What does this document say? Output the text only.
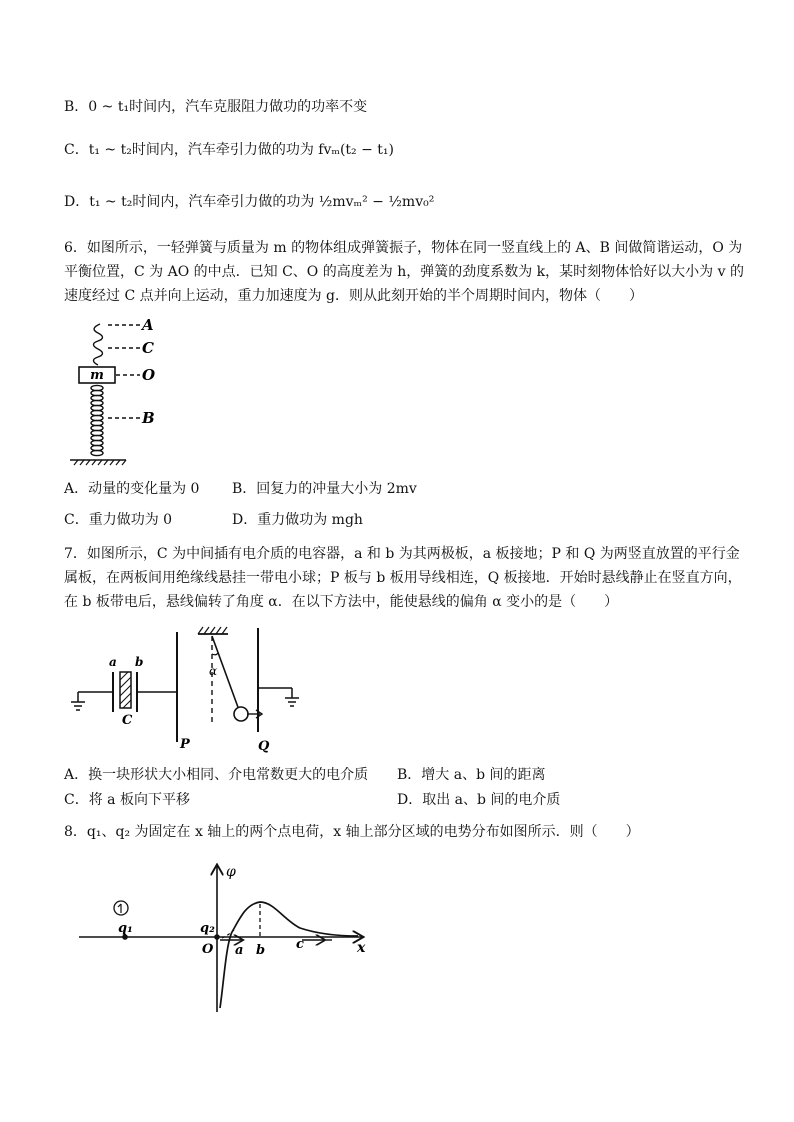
B．0 ~ t₁时间内，汽车克服阻力做功的功率不变
C．t₁ ~ t₂时间内，汽车牵引力做的功为 fvₘ(t₂ − t₁)
D．t₁ ~ t₂时间内，汽车牵引力做的功为 ½mvₘ² − ½mv₀²
6．如图所示，一轻弹簧与质量为 m 的物体组成弹簧振子，物体在同一竖直线上的 A、B 间做简谐运动，O 为平衡位置，C 为 AO 的中点．已知 C、O 的高度差为 h，弹簧的劲度系数为 k，某时刻物体恰好以大小为 v 的速度经过 C 点并向上运动，重力加速度为 g．则从此刻开始的半个周期时间内，物体（　　）
m
A
C
O
B
A．动量的变化量为 0 B．回复力的冲量大小为 2mv
C．重力做功为 0	D．重力做功为 mgh
7．如图所示，C 为中间插有电介质的电容器，a 和 b 为其两极板，a 板接地；P 和 Q 为两竖直放置的平行金属板，在两板间用绝缘线悬挂一带电小球；P 板与 b 板用导线相连，Q 板接地．开始时悬线静止在竖直方向，在 b 板带电后，悬线偏转了角度 α．在以下方法中，能使悬线的偏角 α 变小的是（　　）
α
a b
C
P	Q
A．换一块形状大小相同、介电常数更大的电介质 B．增大 a、b 间的距离
C．将 a 板向下平移	D．取出 a、b 间的电介质
8．q₁、q₂ 为固定在 x 轴上的两个点电荷，x 轴上部分区域的电势分布如图所示．则（　　）
φ
x
q₁	q₂
O a b c
